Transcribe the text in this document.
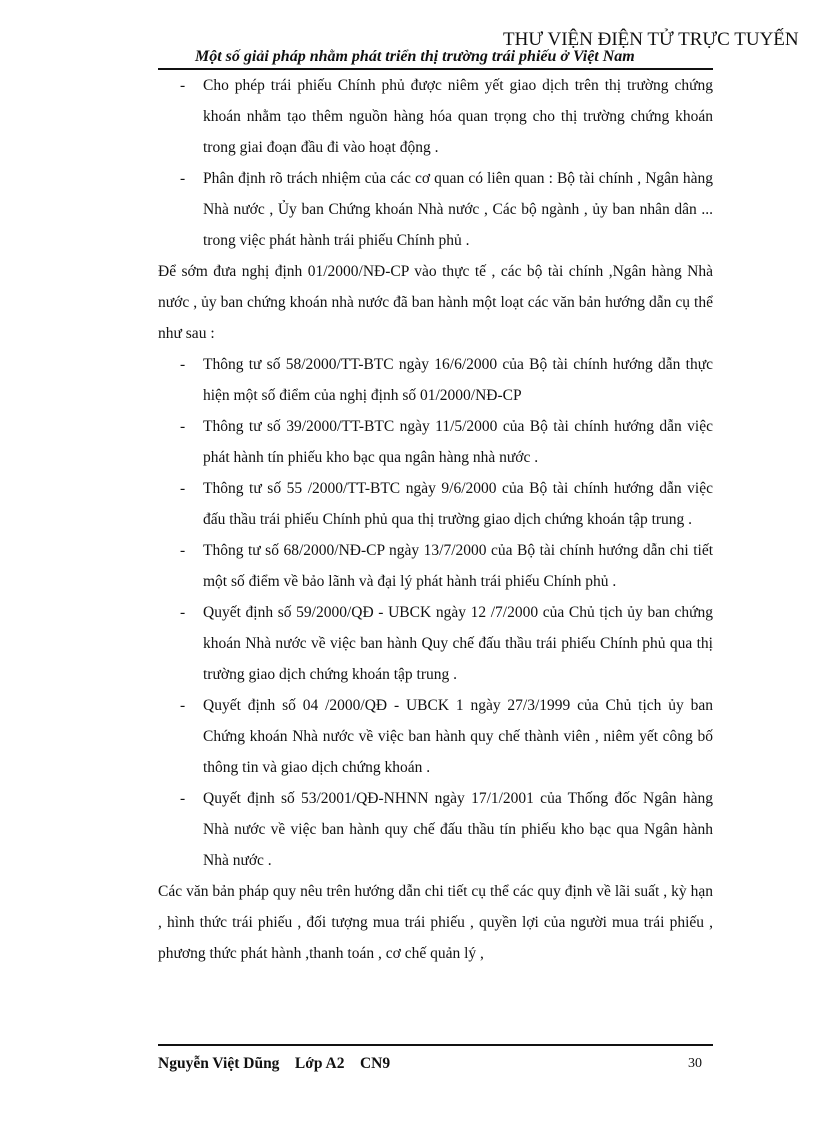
THƯ VIỆN ĐIỆN TỬ TRỰC TUYẾN
Một số giải pháp nhằm phát triển thị trường trái phiếu ở Việt Nam
- Cho phép trái phiếu Chính phủ được niêm yết giao dịch trên thị trường chứng khoán nhằm tạo thêm nguồn hàng hóa quan trọng cho thị trường chứng khoán trong giai đoạn đầu đi vào hoạt động .
- Phân định rõ trách nhiệm của các cơ quan có liên quan : Bộ tài chính , Ngân hàng Nhà nước , Ủy ban Chứng khoán Nhà nước , Các bộ ngành , ủy ban nhân dân ... trong việc phát hành trái phiếu Chính phủ .
Để sớm đưa nghị định 01/2000/NĐ-CP vào thực tế , các bộ tài chính ,Ngân hàng Nhà nước , ủy ban chứng khoán nhà nước đã ban hành một loạt các văn bản hướng dẫn cụ thể như sau :
- Thông tư số 58/2000/TT-BTC ngày 16/6/2000 của Bộ tài chính hướng dẫn thực hiện một số điểm của nghị định số 01/2000/NĐ-CP
- Thông tư số 39/2000/TT-BTC ngày 11/5/2000 của Bộ tài chính hướng dẫn việc phát hành tín phiếu kho bạc qua ngân hàng nhà nước .
- Thông tư số 55 /2000/TT-BTC ngày 9/6/2000 của Bộ tài chính hướng dẫn việc đấu thầu trái phiếu Chính phủ qua thị trường giao dịch chứng khoán tập trung .
- Thông tư số 68/2000/NĐ-CP ngày 13/7/2000 của Bộ tài chính hướng dẫn chi tiết một số điểm về bảo lãnh và đại lý phát hành trái phiếu Chính phủ .
- Quyết định số 59/2000/QĐ - UBCK ngày 12 /7/2000 của Chủ tịch ủy ban chứng khoán Nhà nước về việc ban hành Quy chế đấu thầu trái phiếu Chính phủ qua thị trường giao dịch chứng khoán tập trung .
- Quyết định số 04 /2000/QĐ - UBCK 1 ngày 27/3/1999 của Chủ tịch ủy ban Chứng khoán Nhà nước về việc ban hành quy chế thành viên , niêm yết công bố thông tin và giao dịch chứng khoán .
- Quyết định số 53/2001/QĐ-NHNN ngày 17/1/2001 của Thống đốc Ngân hàng Nhà nước về việc ban hành quy chế đấu thầu tín phiếu kho bạc qua Ngân hành Nhà nước .
Các văn bản pháp quy nêu trên hướng dẫn chi tiết cụ thể các quy định về lãi suất , kỳ hạn , hình thức trái phiếu , đối tượng mua trái phiếu , quyền lợi của người mua trái phiếu , phương thức phát hành ,thanh toán , cơ chế quản lý ,
Nguyễn Việt Dũng    Lớp A2    CN9	30
